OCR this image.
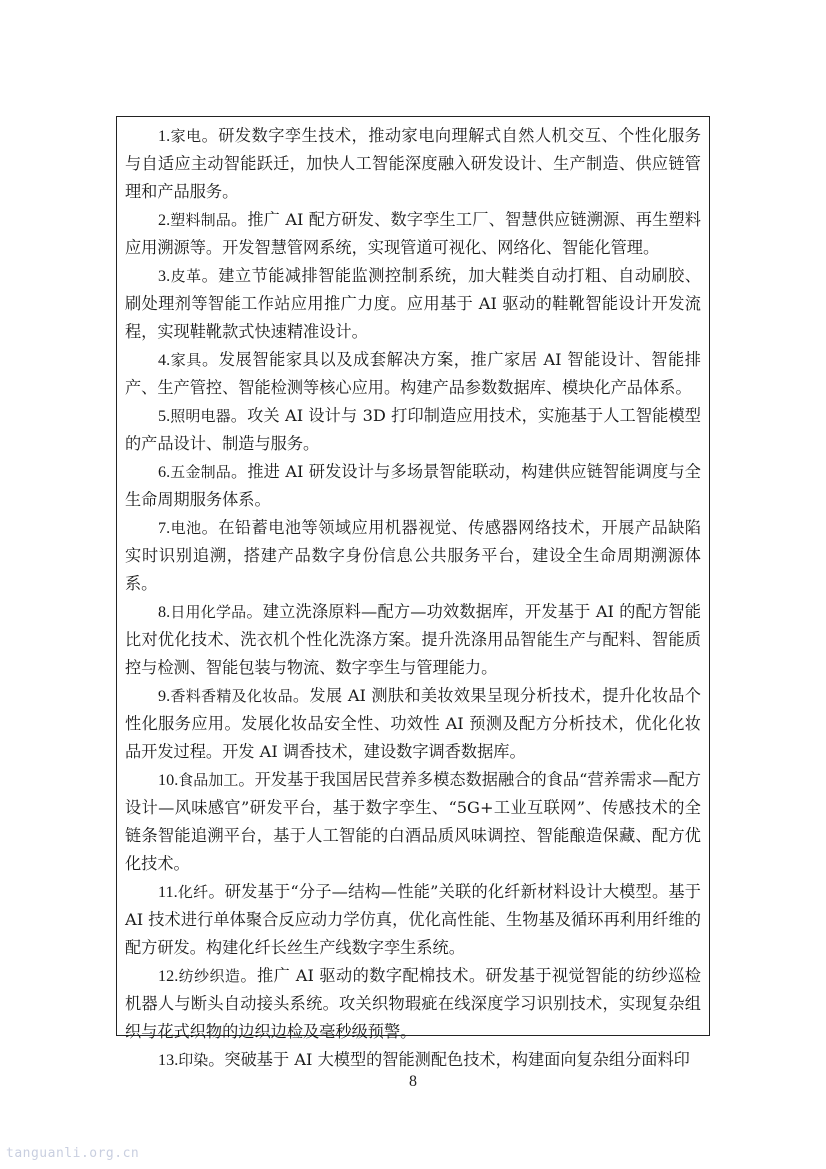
1.家电。研发数字孪生技术，推动家电向理解式自然人机交互、个性化服务与自适应主动智能跃迁，加快人工智能深度融入研发设计、生产制造、供应链管理和产品服务。

2.塑料制品。推广 AI 配方研发、数字孪生工厂、智慧供应链溯源、再生塑料应用溯源等。开发智慧管网系统，实现管道可视化、网络化、智能化管理。

3.皮革。建立节能减排智能监测控制系统，加大鞋类自动打粗、自动刷胶、刷处理剂等智能工作站应用推广力度。应用基于 AI 驱动的鞋靴智能设计开发流程，实现鞋靴款式快速精准设计。

4.家具。发展智能家具以及成套解决方案，推广家居 AI 智能设计、智能排产、生产管控、智能检测等核心应用。构建产品参数数据库、模块化产品体系。

5.照明电器。攻关 AI 设计与 3D 打印制造应用技术，实施基于人工智能模型的产品设计、制造与服务。

6.五金制品。推进 AI 研发设计与多场景智能联动，构建供应链智能调度与全生命周期服务体系。

7.电池。在铅蓄电池等领域应用机器视觉、传感器网络技术，开展产品缺陷实时识别追溯，搭建产品数字身份信息公共服务平台，建设全生命周期溯源体系。

8.日用化学品。建立洗涤原料—配方—功效数据库，开发基于 AI 的配方智能比对优化技术、洗衣机个性化洗涤方案。提升洗涤用品智能生产与配料、智能质控与检测、智能包装与物流、数字孪生与管理能力。

9.香料香精及化妆品。发展 AI 测肤和美妆效果呈现分析技术，提升化妆品个性化服务应用。发展化妆品安全性、功效性 AI 预测及配方分析技术，优化化妆品开发过程。开发 AI 调香技术，建设数字调香数据库。

10.食品加工。开发基于我国居民营养多模态数据融合的食品“营养需求—配方设计—风味感官”研发平台，基于数字孪生、“5G+工业互联网”、传感技术的全链条智能追溯平台，基于人工智能的白酒品质风味调控、智能酿造保藏、配方优化技术。

11.化纤。研发基于“分子—结构—性能”关联的化纤新材料设计大模型。基于 AI 技术进行单体聚合反应动力学仿真，优化高性能、生物基及循环再利用纤维的配方研发。构建化纤长丝生产线数字孪生系统。

12.纺纱织造。推广 AI 驱动的数字配棉技术。研发基于视觉智能的纺纱巡检机器人与断头自动接头系统。攻关织物瑕疵在线深度学习识别技术，实现复杂组织与花式织物的边织边检及毫秒级预警。

13.印染。突破基于 AI 大模型的智能测配色技术，构建面向复杂组分面料印

8
tanguanli.org.cn
